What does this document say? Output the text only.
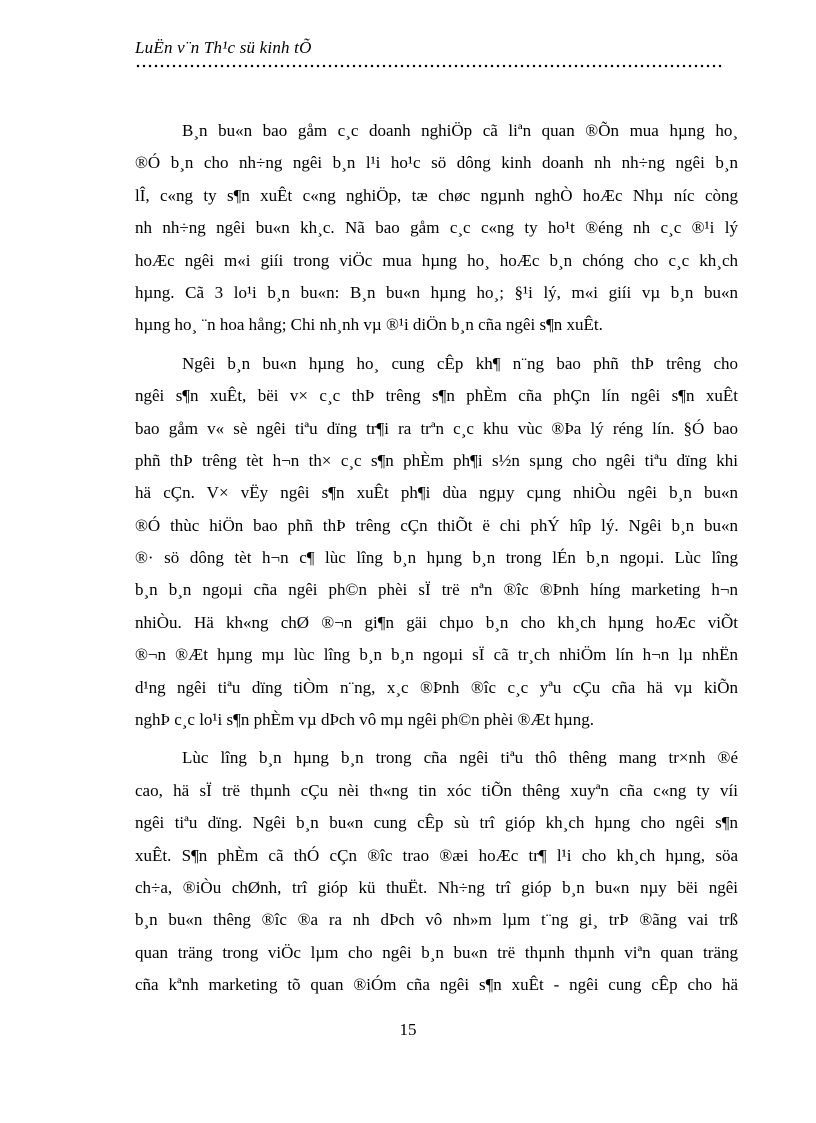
LuËn v¨n Th¹c sü kinh tÕ
B¸n bu«n bao gåm c¸c doanh nghiÖp cã liªn quan ®Õn mua hµng ho¸
®Ó b¸n cho nh÷ng ngêi b¸n l¹i ho¹c sö dông kinh doanh nh nh÷ng ngêi b¸n
lÎ, c«ng ty s¶n xuÊt c«ng nghiÖp, tæ chøc ngµnh nghÒ hoÆc Nhµ níc còng
nh nh÷ng ngêi bu«n kh¸c. Nã bao gåm c¸c c«ng ty ho¹t ®éng nh c¸c ®¹i lý
hoÆc ngêi m«i giíi trong viÖc mua hµng ho¸ hoÆc b¸n chóng cho c¸c kh¸ch
hµng. Cã 3 lo¹i b¸n bu«n: B¸n bu«n hµng ho¸; §¹i lý, m«i giíi vµ b¸n bu«n
hµng ho¸ ¨n hoa hång; Chi nh¸nh vµ ®¹i diÖn b¸n cña ngêi s¶n xuÊt.
Ngêi b¸n bu«n hµng ho¸ cung cÊp kh¶ n¨ng bao phñ thÞ trêng cho
ngêi s¶n xuÊt, bëi v× c¸c thÞ trêng s¶n phÈm cña phÇn lín ngêi s¶n xuÊt
bao gåm v« sè ngêi tiªu dïng tr¶i ra trªn c¸c khu vùc ®Þa lý réng lín. §Ó bao
phñ thÞ trêng tèt h¬n th× c¸c s¶n phÈm ph¶i s½n sµng cho ngêi tiªu dïng khi
hä cÇn. V× vËy ngêi s¶n xuÊt ph¶i dùa ngµy cµng nhiÒu ngêi b¸n bu«n
®Ó thùc hiÖn bao phñ thÞ trêng cÇn thiÕt ë chi phÝ hîp lý. Ngêi b¸n bu«n
®· sö dông tèt h¬n c¶ lùc lîng b¸n hµng b¸n trong lÉn b¸n ngoµi. Lùc lîng
b¸n b¸n ngoµi cña ngêi ph©n phèi sÏ trë nªn ®îc ®Þnh híng marketing h¬n
nhiÒu. Hä kh«ng chØ ®¬n gi¶n gäi chµo b¸n cho kh¸ch hµng hoÆc viÕt
®¬n ®Æt hµng mµ lùc lîng b¸n b¸n ngoµi sÏ cã tr¸ch nhiÖm lín h¬n lµ nhËn
d¹ng ngêi tiªu dïng tiÒm n¨ng, x¸c ®Þnh ®îc c¸c yªu cÇu cña hä vµ kiÕn
nghÞ c¸c lo¹i s¶n phÈm vµ dÞch vô mµ ngêi ph©n phèi ®Æt hµng.
Lùc lîng b¸n hµng b¸n trong cña ngêi tiªu thô thêng mang tr×nh ®é
cao, hä sÏ trë thµnh cÇu nèi th«ng tin xóc tiÕn thêng xuyªn cña c«ng ty víi
ngêi tiªu dïng. Ngêi b¸n bu«n cung cÊp sù trî gióp kh¸ch hµng cho ngêi s¶n
xuÊt. S¶n phÈm cã thÓ cÇn ®îc trao ®æi hoÆc tr¶ l¹i cho kh¸ch hµng, söa
ch÷a, ®iÒu chØnh, trî gióp kü thuËt. Nh÷ng trî gióp b¸n bu«n nµy bëi ngêi
b¸n bu«n thêng ®îc ®a ra nh dÞch vô nh»m lµm t¨ng gi¸ trÞ ®ãng vai trß
quan träng trong viÖc lµm cho ngêi b¸n bu«n trë thµnh thµnh viªn quan träng
cña kªnh marketing tõ quan ®iÓm cña ngêi s¶n xuÊt - ngêi cung cÊp cho hä
15
